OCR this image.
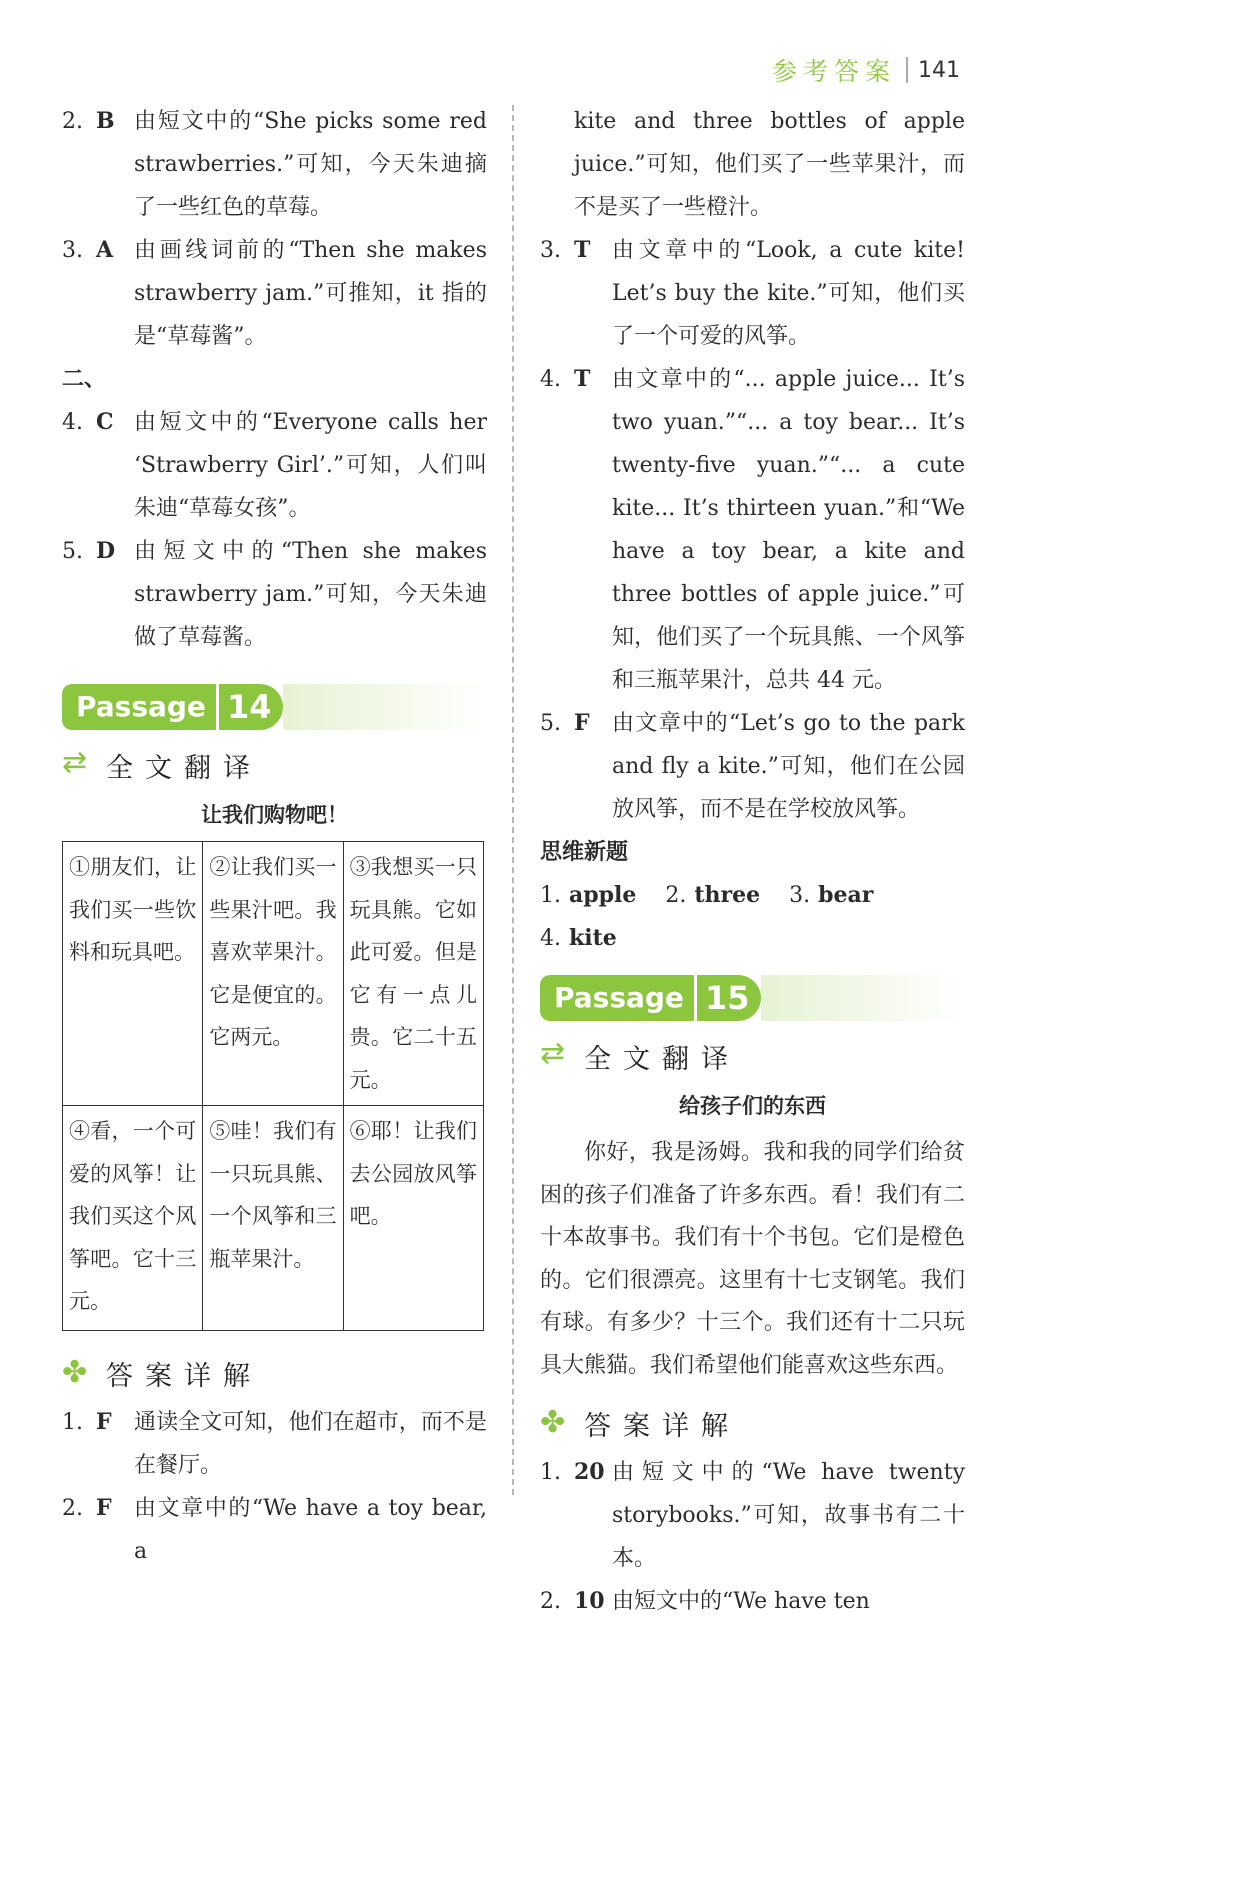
参考答案 141
2. B 由短文中的“She picks some red strawberries.”可知，今天朱迪摘了一些红色的草莓。
3. A 由画线词前的“Then she makes strawberry jam.”可推知，it 指的是“草莓酱”。

二、

4. C 由短文中的“Everyone calls her ‘Strawberry Girl’.”可知，人们叫朱迪“草莓女孩”。
5. D 由短文中的“Then she makes strawberry jam.”可知，今天朱迪做了草莓酱。
Passage 14
⇄
全文翻译

让我们购物吧！

①朋友们，让我们买一些饮料和玩具吧。	②让我们买一些果汁吧。我喜欢苹果汁。它是便宜的。它两元。	③我想买一只玩具熊。它如此可爱。但是它有一点儿贵。它二十五元。
④看，一个可爱的风筝！让我们买这个风筝吧。它十三元。	⑤哇！我们有一只玩具熊、一个风筝和三瓶苹果汁。	⑥耶！让我们去公园放风筝吧。
✤
答案详解
1. F	通读全文可知，他们在超市，而不是在餐厅。
2. F	由文章中的“We have a toy bear, a

kite and three bottles of apple juice.”可知，他们买了一些苹果汁，而不是买了一些橙汁。

3. T 由文章中的“Look, a cute kite! Let’s buy the kite.”可知，他们买了一个可爱的风筝。
4. T 由文章中的“... apple juice... It’s two yuan.”“... a toy bear... It’s twenty-five yuan.”“... a cute kite... It’s thirteen yuan.”和“We have a toy bear, a kite and three bottles of apple juice.”可知，他们买了一个玩具熊、一个风筝和三瓶苹果汁，总共 44 元。
5. F	由文章中的“Let’s go to the park and fly a kite.”可知，他们在公园放风筝，而不是在学校放风筝。

思维新题

1. apple 2. three 3. bear 4. kite

Passage 15
⇄
全文翻译

给孩子们的东西

你好，我是汤姆。我和我的同学们给贫困的孩子们准备了许多东西。看！我们有二十本故事书。我们有十个书包。它们是橙色的。它们很漂亮。这里有十七支钢笔。我们有球。有多少？十三个。我们还有十二只玩具大熊猫。我们希望他们能喜欢这些东西。

✤
答案详解
1. 20 由短文中的“We have twenty storybooks.”可知，故事书有二十本。
2. 10 由短文中的“We have ten
